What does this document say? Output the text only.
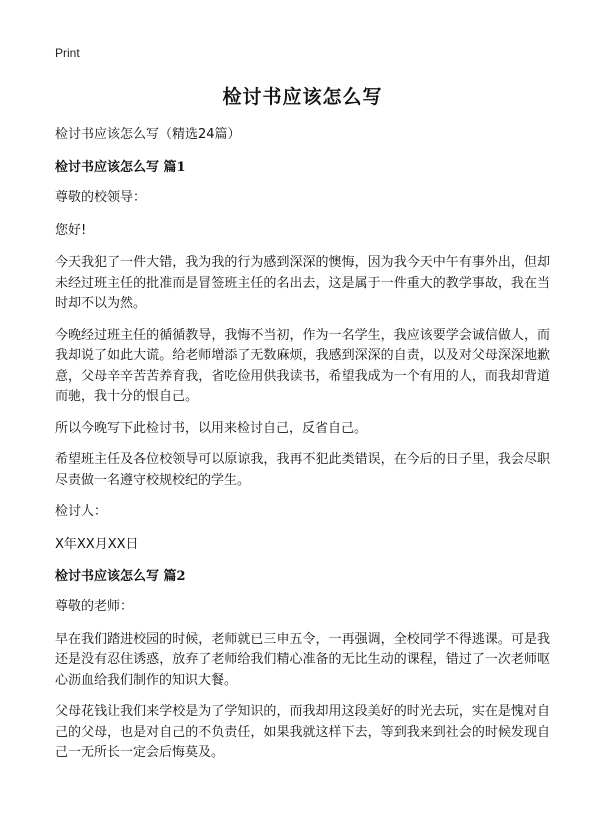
Print
检讨书应该怎么写
检讨书应该怎么写（精选24篇）
检讨书应该怎么写 篇1

尊敬的校领导：

您好!

今天我犯了一件大错，我为我的行为感到深深的懊悔，因为我今天中午有事外出，但却未经过班主任的批准而是冒签班主任的名出去，这是属于一件重大的教学事故，我在当时却不以为然。

今晚经过班主任的循循教导，我悔不当初，作为一名学生，我应该要学会诚信做人，而我却说了如此大谎。给老师增添了无数麻烦，我感到深深的自责，以及对父母深深地歉意，父母辛辛苦苦养育我，省吃俭用供我读书，希望我成为一个有用的人，而我却背道而驰，我十分的恨自己。

所以今晚写下此检讨书，以用来检讨自己，反省自己。

希望班主任及各位校领导可以原谅我，我再不犯此类错误，在今后的日子里，我会尽职尽责做一名遵守校规校纪的学生。

检讨人：

X年XX月XX日

检讨书应该怎么写 篇2

尊敬的老师：

早在我们踏进校园的时候，老师就已三申五令，一再强调，全校同学不得逃课。可是我还是没有忍住诱惑，放弃了老师给我们精心准备的无比生动的课程，错过了一次老师呕心沥血给我们制作的知识大餐。

父母花钱让我们来学校是为了学知识的，而我却用这段美好的时光去玩，实在是愧对自己的父母，也是对自己的不负责任，如果我就这样下去，等到我来到社会的时候发现自己一无所长一定会后悔莫及。
